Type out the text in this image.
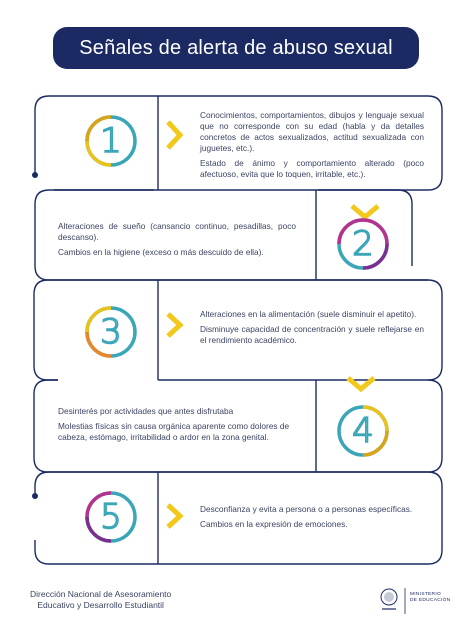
Señales de alerta de abuso sexual
1
2
3
4
5

Conocimientos, comportamientos, dibujos y lenguaje sexual que no corresponde con su edad (habla y da detalles concretos de actos sexualizados, actitud sexualizada con juguetes, etc.).

Estado de ánimo y comportamiento alterado (poco afectuoso, evita que lo toquen, irritable, etc.).

Alteraciones de sueño (cansancio continuo, pesadillas, poco descanso).

Cambios en la higiene (exceso o más descuido de ella).

Alteraciones en la alimentación (suele disminuir el apetito).

Disminuye capacidad de concentración y suele reflejarse en el rendimiento académico.

Desinterés por actividades que antes disfrutaba

Molestias físicas sin causa orgánica aparente como dolores de cabeza, estómago, irritabilidad o ardor en la zona genital.

Desconfianza y evita a persona o a personas específicas.

Cambios en la expresión de emociones.

Dirección Nacional de Asesoramiento
Educativo y Desarrollo Estudiantil
MINISTERIO
DE EDUCACIÓN
